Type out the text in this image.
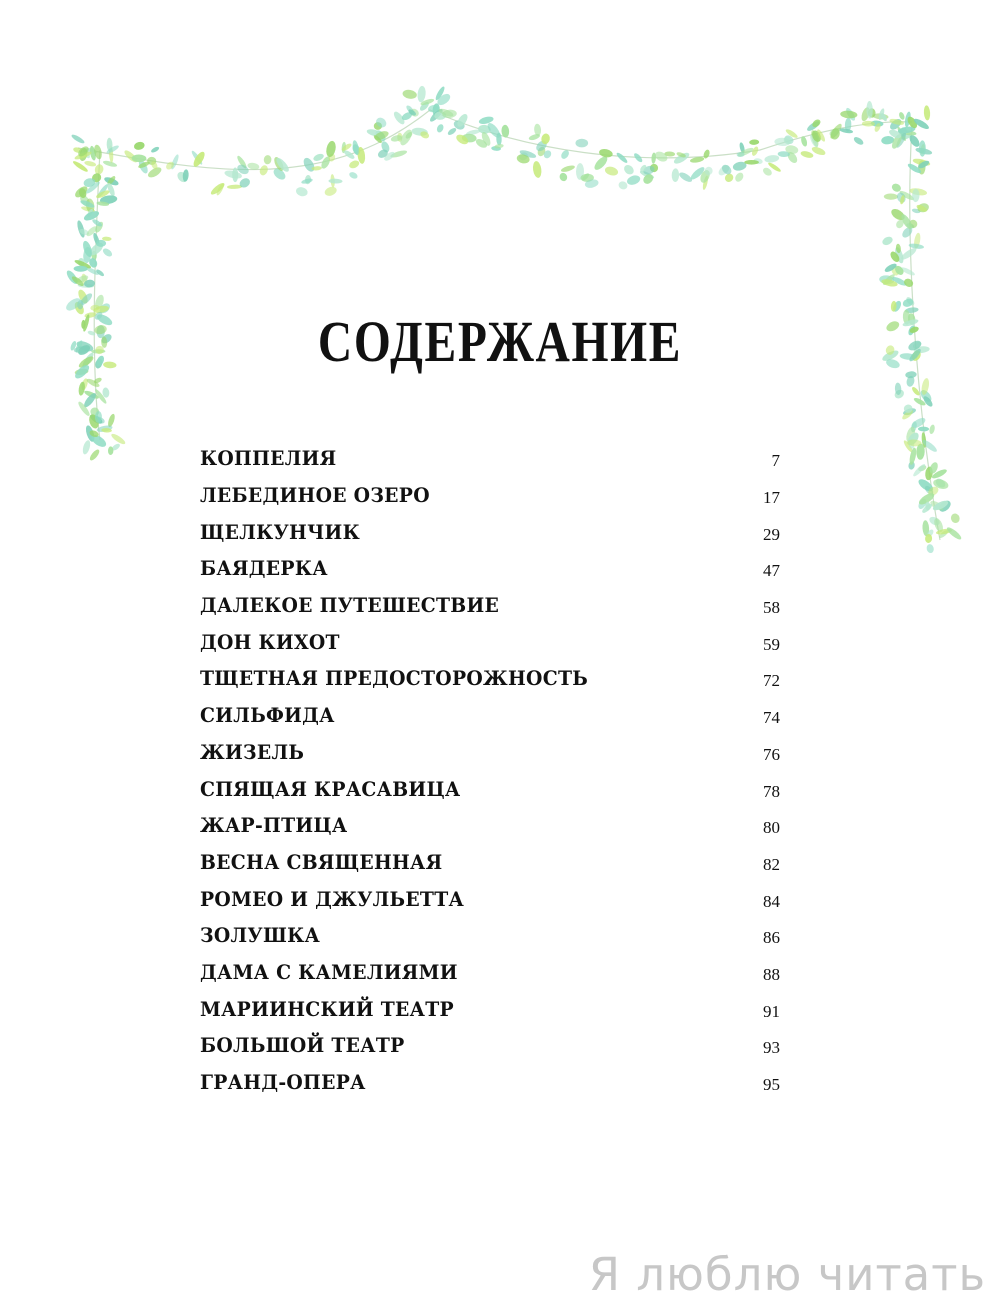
СОДЕРЖАНИЕ
КОППЕЛИЯ	7
ЛЕБЕДИНОЕ ОЗЕРО	17
ЩЕЛКУНЧИК	29
БАЯДЕРКА	47
ДАЛЕКОЕ ПУТЕШЕСТВИЕ	58
ДОН КИХОТ	59
ТЩЕТНАЯ ПРЕДОСТОРОЖНОСТЬ	72
СИЛЬФИДА	74
ЖИЗЕЛЬ	76
СПЯЩАЯ КРАСАВИЦА	78
ЖАР-ПТИЦА	80
ВЕСНА СВЯЩЕННАЯ	82
РОМЕО И ДЖУЛЬЕТТА	84
ЗОЛУШКА	86
ДАМА С КАМЕЛИЯМИ	88
МАРИИНСКИЙ ТЕАТР	91
БОЛЬШОЙ ТЕАТР	93
ГРАНД-ОПЕРА	95
Я люблю читать
